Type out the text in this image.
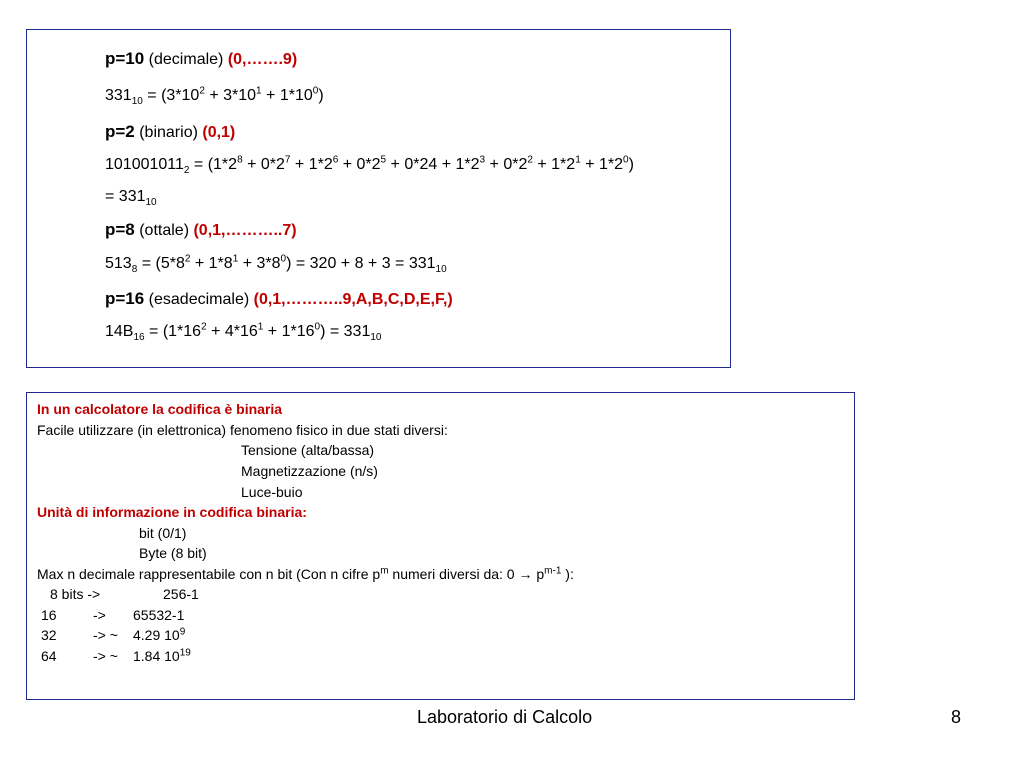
p=10 (decimale) (0,…….9)
$331_{10} = (3*10^2 + 3*10^1 + 1*10^0)$
p=2 (binario) (0,1)
$101001011_2 = (1*2^8 + 0*2^7 + 1*2^6 + 0*2^5 + 0*24 + 1*2^3 + 0*2^2 + 1*2^1 + 1*2^0)$
= $331_{10}$
p=8 (ottale) (0,1,………..7)
$513_8 = (5*8^2 + 1*8^1 + 3*8^0) = 320 + 8 + 3 = 331_{10}$
p=16 (esadecimale) (0,1,………..9,A,B,C,D,E,F,)
$14B_{16} = (1*16^2 + 4*16^1 + 1*16^0) = 331_{10}$
In un calcolatore la codifica è binaria
Facile utilizzare (in elettronica) fenomeno fisico in due stati diversi:
Tensione (alta/bassa)
Magnetizzazione (n/s)
Luce-buio
Unità di informazione in codifica binaria:
bit (0/1)
Byte (8 bit)
Max n decimale rappresentabile con n bit (Con n cifre $p^m$ numeri diversi da: $0 \to p^{m-1}$ ):
8 bits ->	256-1
16	-> 65532-1
32	-> ~ 4.29 $10^9$
64	-> ~ 1.84 $10^{19}$
Laboratorio di Calcolo	8
